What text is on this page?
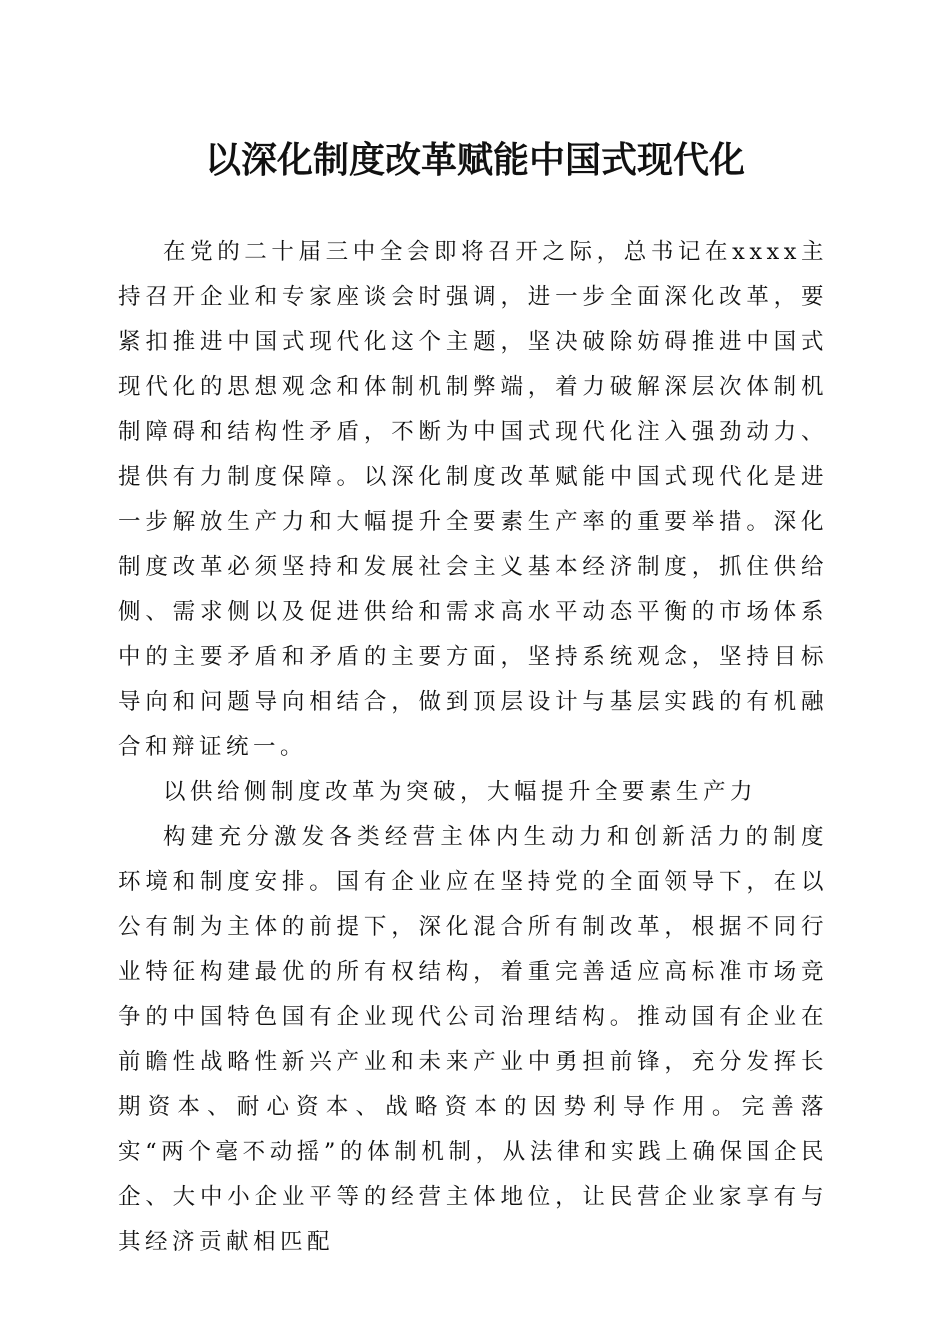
以深化制度改革赋能中国式现代化

在党的二十届三中全会即将召开之际，总书记在xxxx主持召开企业和专家座谈会时强调，进一步全面深化改革，要紧扣推进中国式现代化这个主题，坚决破除妨碍推进中国式现代化的思想观念和体制机制弊端，着力破解深层次体制机制障碍和结构性矛盾，不断为中国式现代化注入强劲动力、提供有力制度保障。以深化制度改革赋能中国式现代化是进一步解放生产力和大幅提升全要素生产率的重要举措。深化制度改革必须坚持和发展社会主义基本经济制度，抓住供给侧、需求侧以及促进供给和需求高水平动态平衡的市场体系中的主要矛盾和矛盾的主要方面，坚持系统观念，坚持目标导向和问题导向相结合，做到顶层设计与基层实践的有机融合和辩证统一。

以供给侧制度改革为突破，大幅提升全要素生产力

构建充分激发各类经营主体内生动力和创新活力的制度环境和制度安排。国有企业应在坚持党的全面领导下，在以公有制为主体的前提下，深化混合所有制改革，根据不同行业特征构建最优的所有权结构，着重完善适应高标准市场竞争的中国特色国有企业现代公司治理结构。推动国有企业在前瞻性战略性新兴产业和未来产业中勇担前锋，充分发挥长期资本、耐心资本、战略资本的因势利导作用。完善落实“两个毫不动摇”的体制机制，从法律和实践上确保国企民企、大中小企业平等的经营主体地位，让民营企业家享有与其经济贡献相匹配
